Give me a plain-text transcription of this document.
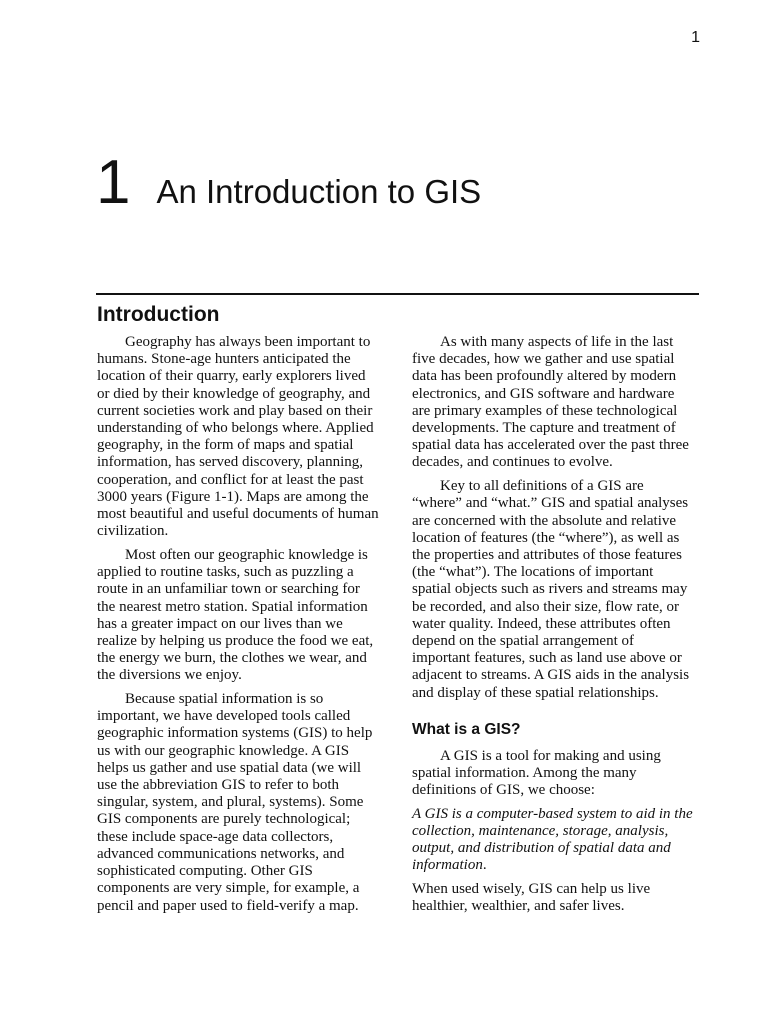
1
1 An Introduction to GIS
Introduction

Geography has always been important to humans. Stone-age hunters anticipated the location of their quarry, early explorers lived or died by their knowledge of geography, and current societies work and play based on their understanding of who belongs where. Applied geography, in the form of maps and spatial information, has served discovery, planning, cooperation, and conflict for at least the past 3000 years (Figure 1-1). Maps are among the most beautiful and useful documents of human civilization.

Most often our geographic knowledge is applied to routine tasks, such as puzzling a route in an unfamiliar town or searching for the nearest metro station. Spatial information has a greater impact on our lives than we realize by helping us produce the food we eat, the energy we burn, the clothes we wear, and the diversions we enjoy.

Because spatial information is so important, we have developed tools called geographic information systems (GIS) to help us with our geographic knowledge. A GIS helps us gather and use spatial data (we will use the abbreviation GIS to refer to both singular, system, and plural, systems). Some GIS components are purely technological; these include space-age data collectors, advanced communications networks, and sophisticated computing. Other GIS components are very simple, for example, a pencil and paper used to field-verify a map.

As with many aspects of life in the last five decades, how we gather and use spatial data has been profoundly altered by modern electronics, and GIS software and hardware are primary examples of these technological developments. The capture and treatment of spatial data has accelerated over the past three decades, and continues to evolve.

Key to all definitions of a GIS are “where” and “what.” GIS and spatial analyses are concerned with the absolute and relative location of features (the “where”), as well as the properties and attributes of those features (the “what”). The locations of important spatial objects such as rivers and streams may be recorded, and also their size, flow rate, or water quality. Indeed, these attributes often depend on the spatial arrangement of important features, such as land use above or adjacent to streams. A GIS aids in the analysis and display of these spatial relationships.

What is a GIS?

A GIS is a tool for making and using spatial information. Among the many definitions of GIS, we choose:

A GIS is a computer-based system to aid in the collection, maintenance, storage, analysis, output, and distribution of spatial data and information.

When used wisely, GIS can help us live healthier, wealthier, and safer lives.
